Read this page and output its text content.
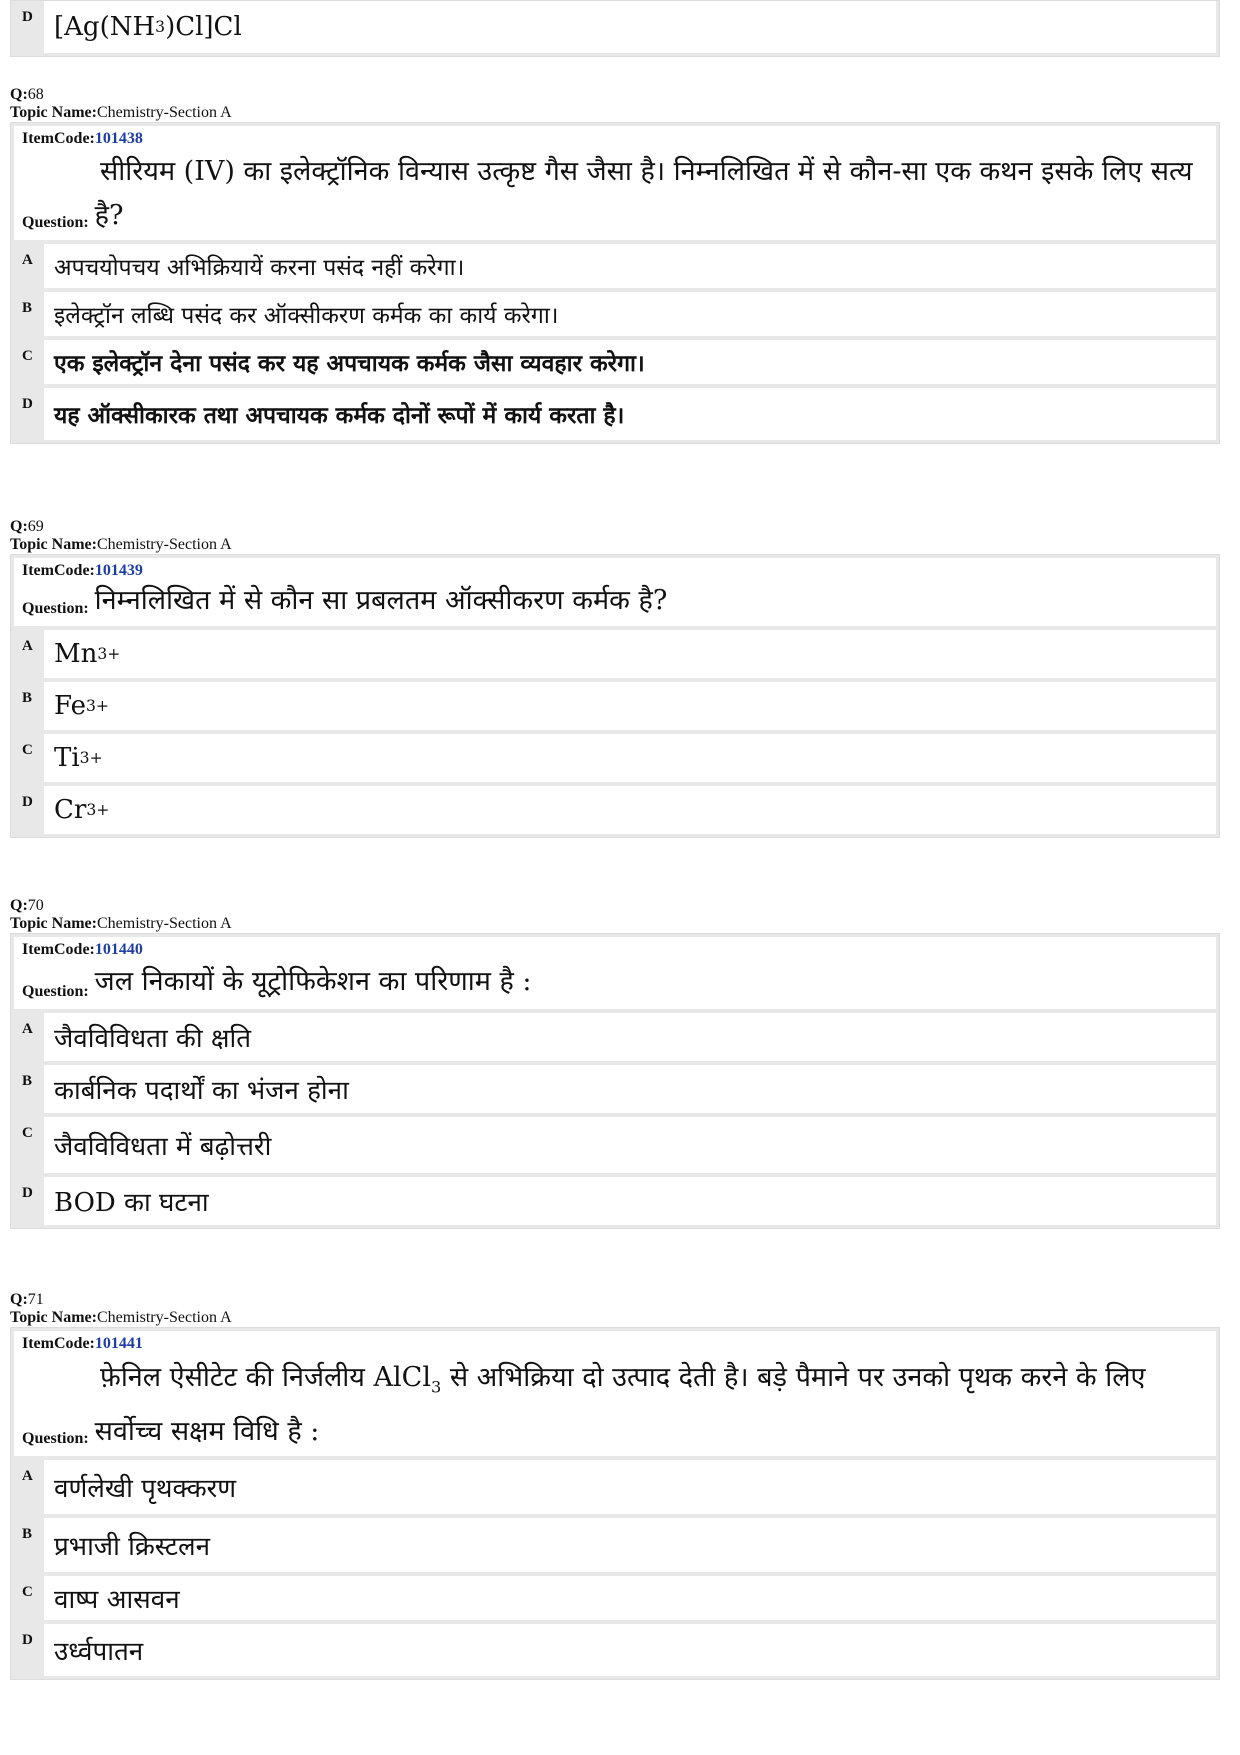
D [Ag(NH 3 )Cl]Cl
Q:68
Topic Name:Chemistry-Section A
ItemCode:101438
सीरियम (IV) का इलेक्ट्रॉनिक विन्यास उत्कृष्ट गैस जैसा है। निम्नलिखित में से कौन-सा एक कथन इसके लिए सत्य
Question: है?
A अपचयोपचय अभिक्रियायें करना पसंद नहीं करेगा।
B इलेक्ट्रॉन लब्धि पसंद कर ऑक्सीकरण कर्मक का कार्य करेगा।
C एक इलेक्ट्रॉन देना पसंद कर यह अपचायक कर्मक जैसा व्यवहार करेगा।
D यह ऑक्सीकारक तथा अपचायक कर्मक दोनों रूपों में कार्य करता है।
Q:69
Topic Name:Chemistry-Section A
ItemCode:101439
Question: निम्नलिखित में से कौन सा प्रबलतम ऑक्सीकरण कर्मक है?
A Mn 3+
B Fe 3+
C Ti 3+
D Cr 3+
Q:70
Topic Name:Chemistry-Section A
ItemCode:101440
Question: जल निकायों के यूट्रोफिकेशन का परिणाम है :
A जैवविविधता की क्षति
B कार्बनिक पदार्थों का भंजन होना
C जैवविविधता में बढ़ोत्तरी
D BOD का घटना
Q:71
Topic Name:Chemistry-Section A
ItemCode:101441
फ़ेनिल ऐसीटेट की निर्जलीय AlCl$_3$ से अभिक्रिया दो उत्पाद देती है। बड़े पैमाने पर उनको पृथक करने के लिए
Question: सर्वोच्च सक्षम विधि है :
A वर्णलेखी पृथक्करण
B प्रभाजी क्रिस्टलन
C वाष्प आसवन
D उर्ध्वपातन
